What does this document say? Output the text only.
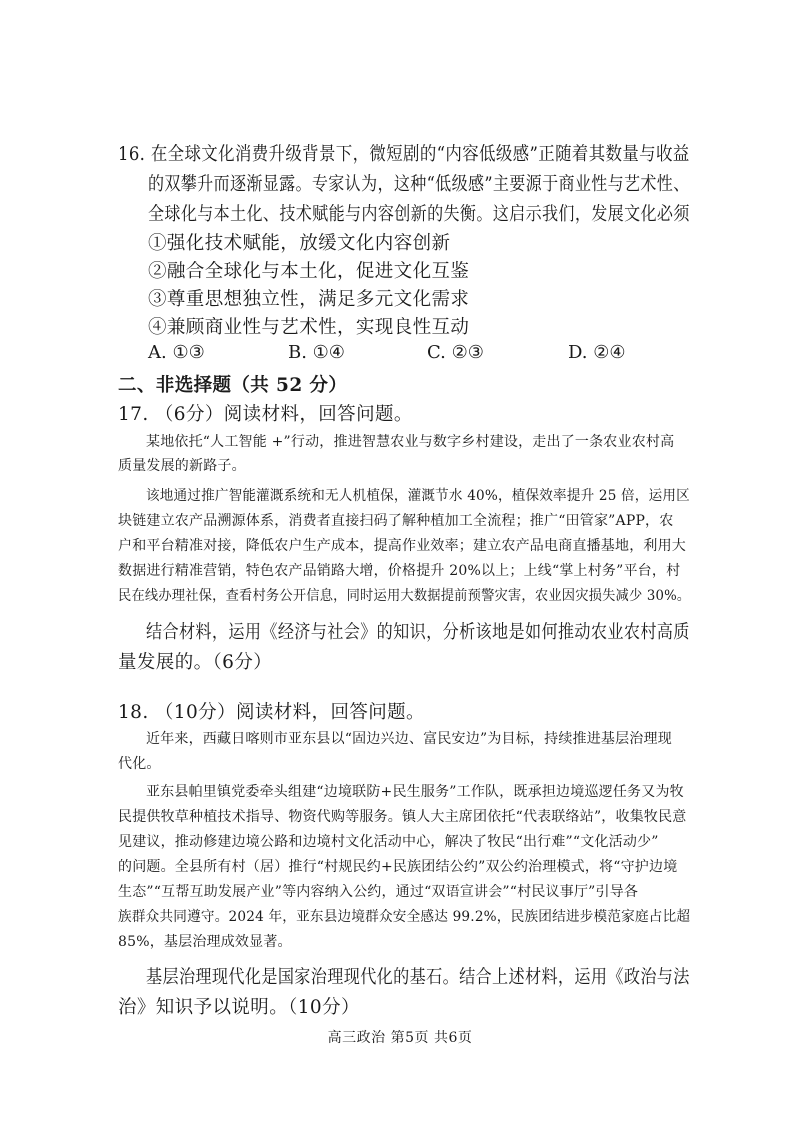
16. 在全球文化消费升级背景下，微短剧的“内容低级感”正随着其数量与收益
的双攀升而逐渐显露。专家认为，这种“低级感”主要源于商业性与艺术性、
全球化与本土化、技术赋能与内容创新的失衡。这启示我们，发展文化必须
①强化技术赋能，放缓文化内容创新
②融合全球化与本土化，促进文化互鉴
③尊重思想独立性，满足多元文化需求
④兼顾商业性与艺术性，实现良性互动
A. ①③	B. ①④	C. ②③	D. ②④
二、非选择题（共 52 分）
17. （6分）阅读材料，回答问题。
某地依托“人工智能 +”行动，推进智慧农业与数字乡村建设，走出了一条农业农村高
质量发展的新路子。
该地通过推广智能灌溉系统和无人机植保，灌溉节水 40%，植保效率提升 25 倍，运用区
块链建立农产品溯源体系，消费者直接扫码了解种植加工全流程；推广“田管家”APP，农
户和平台精准对接，降低农户生产成本，提高作业效率；建立农产品电商直播基地，利用大
数据进行精准营销，特色农产品销路大增，价格提升 20%以上；上线“掌上村务”平台，村
民在线办理社保，查看村务公开信息，同时运用大数据提前预警灾害，农业因灾损失减少 30%。
结合材料，运用《经济与社会》的知识，分析该地是如何推动农业农村高质
量发展的。（6分）
18. （10分）阅读材料，回答问题。
近年来，西藏日喀则市亚东县以“固边兴边、富民安边”为目标，持续推进基层治理现
代化。
亚东县帕里镇党委牵头组建“边境联防+民生服务”工作队，既承担边境巡逻任务又为牧
民提供牧草种植技术指导、物资代购等服务。镇人大主席团依托“代表联络站”，收集牧民意
见建议，推动修建边境公路和边境村文化活动中心，解决了牧民“出行难”“文化活动少”
的问题。全县所有村（居）推行“村规民约+民族团结公约”双公约治理模式，将“守护边境
生态”“互帮互助发展产业”等内容纳入公约，通过“双语宣讲会”“村民议事厅”引导各
族群众共同遵守。2024 年，亚东县边境群众安全感达 99.2%，民族团结进步模范家庭占比超
85%，基层治理成效显著。
基层治理现代化是国家治理现代化的基石。结合上述材料，运用《政治与法
治》知识予以说明。（10分）
高三政治 第5页 共6页
